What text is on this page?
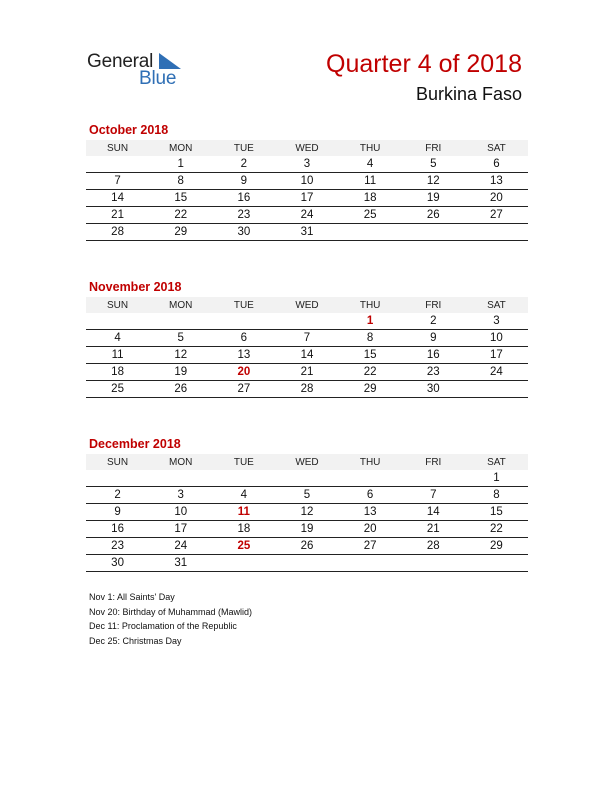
General
Blue
Quarter 4 of 2018
Burkina Faso
October 2018
SUN	MON	TUE	WED	THU	FRI	SAT
	1	2	3	4	5	6
7	8	9	10	11	12	13
14	15	16	17	18	19	20
21	22	23	24	25	26	27
28	29	30	31			
November 2018
SUN	MON	TUE	WED	THU	FRI	SAT
				1	2	3
4	5	6	7	8	9	10
11	12	13	14	15	16	17
18	19	20	21	22	23	24
25	26	27	28	29	30	
December 2018
SUN	MON	TUE	WED	THU	FRI	SAT
						1
2	3	4	5	6	7	8
9	10	11	12	13	14	15
16	17	18	19	20	21	22
23	24	25	26	27	28	29
30	31					
Nov 1: All Saints' Day
Nov 20: Birthday of Muhammad (Mawlid)
Dec 11: Proclamation of the Republic
Dec 25: Christmas Day
